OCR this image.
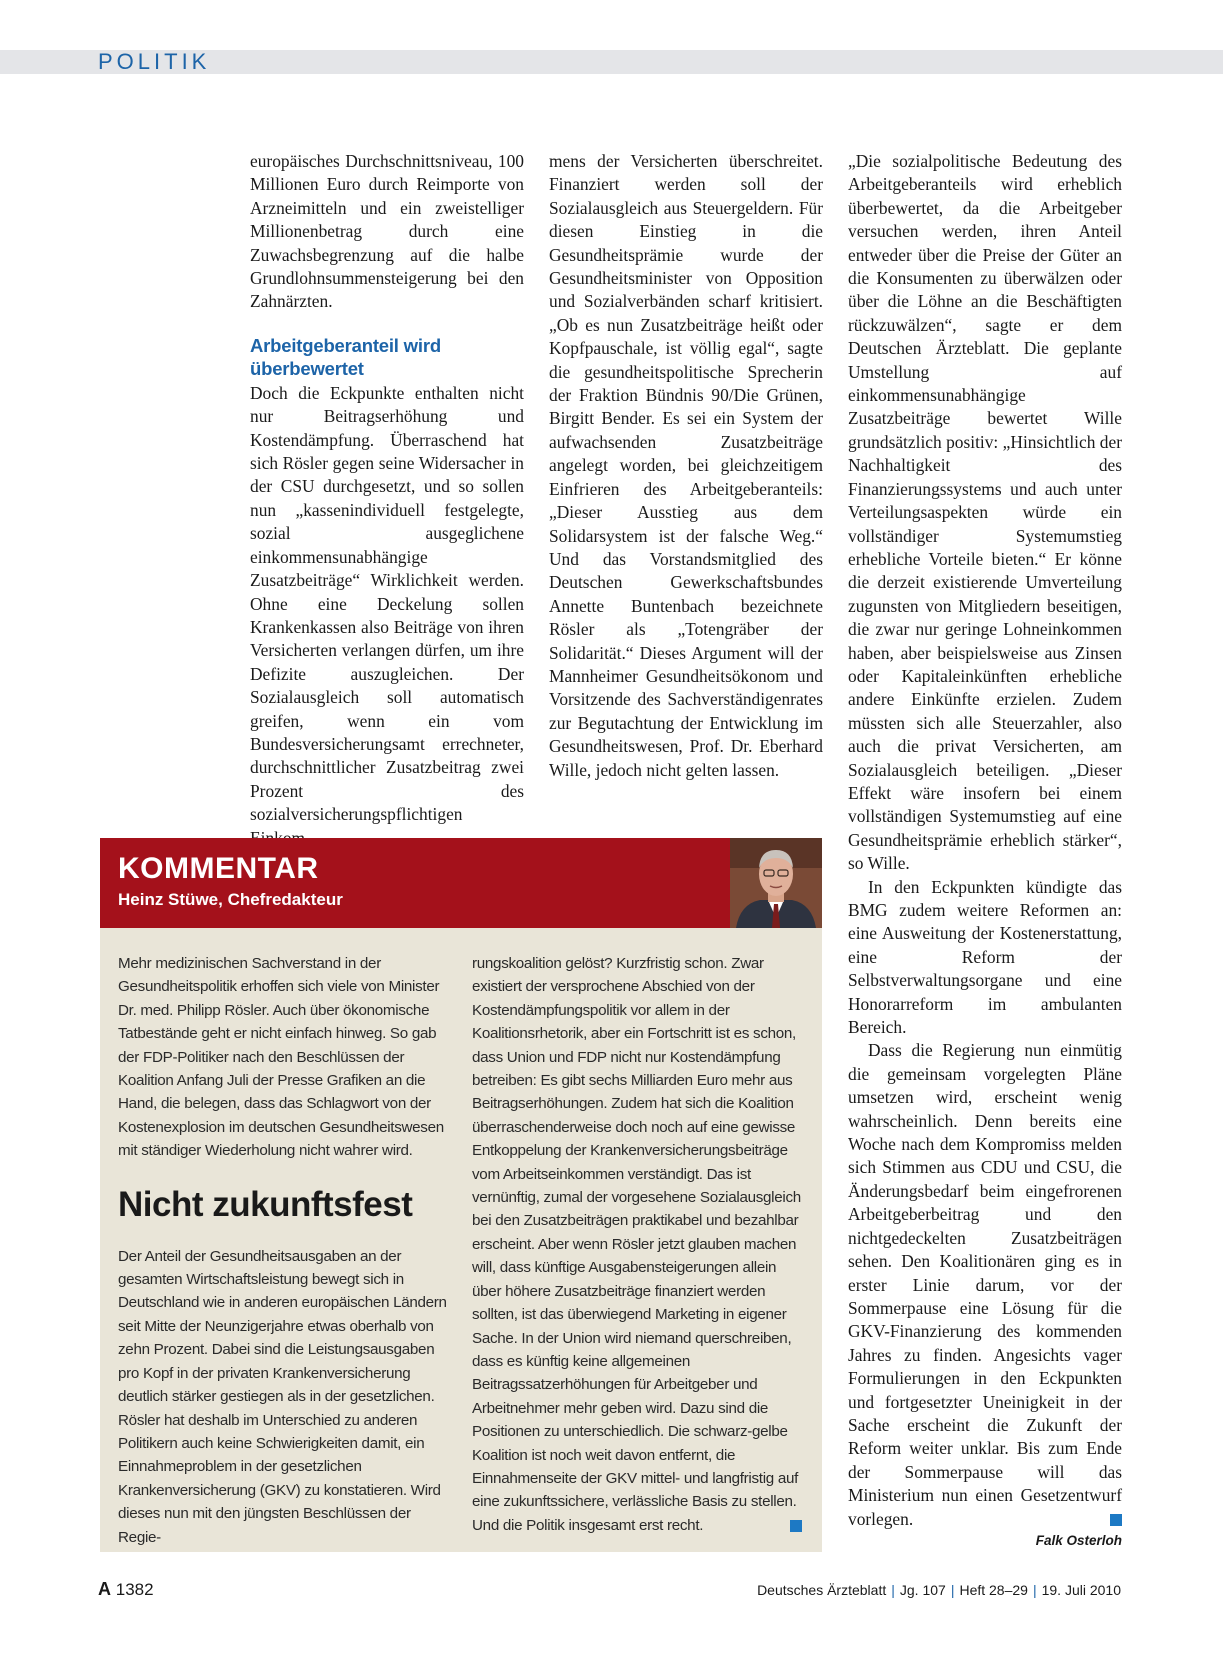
POLITIK

europäisches Durchschnittsniveau, 100 Millionen Euro durch Reimporte von Arzneimitteln und ein zweistelliger Millionenbetrag durch eine Zuwachsbegrenzung auf die halbe Grundlohnsummensteigerung bei den Zahnärzten.

Arbeitgeberanteil wird überbewertet

Doch die Eckpunkte enthalten nicht nur Beitragserhöhung und Kostendämpfung. Überraschend hat sich Rösler gegen seine Widersacher in der CSU durchgesetzt, und so sollen nun „kassenindividuell festgelegte, sozial ausgeglichene einkommensunabhängige Zusatzbeiträge“ Wirklichkeit werden. Ohne eine Deckelung sollen Krankenkassen also Beiträge von ihren Versicherten verlangen dürfen, um ihre Defizite auszugleichen. Der Sozialausgleich soll automatisch greifen, wenn ein vom Bundesversicherungsamt errechneter, durchschnittlicher Zusatzbeitrag zwei Prozent des sozialversicherungspflichtigen

mens der Versicherten überschreitet. Finanziert werden soll der Sozialausgleich aus Steuergeldern. Für diesen Einstieg in die Gesundheitsprämie wurde der Gesundheitsminister von Opposition und Sozialverbänden scharf kritisiert. „Ob es nun Zusatzbeiträge heißt oder Kopfpauschale, ist völlig egal“, sagte die gesundheitspolitische Sprecherin der Fraktion Bündnis 90/Die Grünen, Birgitt Bender. Es sei ein System der aufwachsenden Zusatzbeiträge angelegt worden, bei gleichzeitigem Einfrieren des Arbeitgeberanteils: „Dieser Ausstieg aus dem Solidarsystem ist der falsche Weg.“ Und das Vorstandsmitglied des Deutschen Gewerkschaftsbundes Annette Buntenbach bezeichnete Rösler als „Totengräber der Solidarität.“ Dieses Argument will der Mannheimer Gesundheitsökonom und Vorsitzende des Sachverständigenrates zur Begutachtung der Entwicklung im Gesundheitswesen, Prof. Dr. Eberhard Wille, jedoch nicht gelten lassen.

„Die sozialpolitische Bedeutung des Arbeitgeberanteils wird erheblich überbewertet, da die Arbeitgeber versuchen werden, ihren Anteil entweder über die Preise der Güter an die Konsumenten zu überwälzen oder über die Löhne an die Beschäftigten rückzuwälzen“, sagte er dem Deutschen Ärzteblatt. Die geplante Umstellung auf einkommensunabhängige Zusatzbeiträge bewertet Wille grundsätzlich positiv: „Hinsichtlich der Nachhaltigkeit des Finanzierungssystems und auch unter Verteilungsaspekten würde ein vollständiger Systemumstieg erhebliche Vorteile bieten.“ Er könne die derzeit existierende Umverteilung zugunsten von Mitgliedern beseitigen, die zwar nur geringe Lohneinkommen haben, aber beispielsweise aus Zinsen oder Kapitaleinkünften erhebliche andere Einkünfte erzielen. Zudem müssten sich alle Steuerzahler, also auch die privat Versicherten, am Sozialausgleich beteiligen. „Dieser Effekt wäre insofern bei einem vollständigen Systemumstieg auf eine Gesundheitsprämie erheblich stärker“, so Wille.

In den Eckpunkten kündigte das BMG zudem weitere Reformen an: eine Ausweitung der Kostenerstattung, eine Reform der Selbstverwaltungsorgane und eine Honorarreform im ambulanten Bereich.

Dass die Regierung nun einmütig die gemeinsam vorgelegten Pläne umsetzen wird, erscheint wenig wahrscheinlich. Denn bereits eine Woche nach dem Kompromiss melden sich Stimmen aus CDU und CSU, die Änderungsbedarf beim eingefrorenen Arbeitgeberbeitrag und den nichtgedeckelten Zusatzbeiträgen sehen. Den Koalitionären ging es in erster Linie darum, vor der Sommerpause eine Lösung für die GKV-Finanzierung des kommenden Jahres zu finden. Angesichts vager Formulierungen in den Eckpunkten und fortgesetzter Uneinigkeit in der Sache erscheint die Zukunft der Reform weiter unklar. Bis zum Ende der Sommerpause will das Ministerium nun einen Gesetzentwurf vorlegen.

Falk Osterloh
KOMMENTAR
Heinz Stüwe, Chefredakteur

Mehr medizinischen Sachverstand in der Gesundheitspolitik erhoffen sich viele von Minister Dr. med. Philipp Rösler. Auch über ökonomische Tatbestände geht er nicht einfach hinweg. So gab der FDP-Politiker nach den Beschlüssen der Koalition Anfang Juli der Presse Grafiken an die Hand, die belegen, dass das Schlagwort von der Kostenexplosion im deutschen Gesundheitswesen mit ständiger Wiederholung nicht wahrer wird.

Nicht zukunftsfest

Der Anteil der Gesundheitsausgaben an der gesamten Wirtschaftsleistung bewegt sich in Deutschland wie in anderen europäischen Ländern seit Mitte der Neunzigerjahre etwas oberhalb von zehn Prozent. Dabei sind die Leistungsausgaben pro Kopf in der privaten Krankenversicherung deutlich stärker gestiegen als in der gesetzlichen. Rösler hat deshalb im Unterschied zu anderen Politikern auch keine Schwierigkeiten damit, ein Einnahmeproblem in der gesetzlichen Krankenversicherung (GKV) zu konstatieren. Wird dieses nun mit den jüngsten Beschlüssen der Regie-

rungskoalition gelöst? Kurzfristig schon. Zwar existiert der versprochene Abschied von der Kostendämpfungspolitik vor allem in der Koalitionsrhetorik, aber ein Fortschritt ist es schon, dass Union und FDP nicht nur Kostendämpfung betreiben: Es gibt sechs Milliarden Euro mehr aus Beitragserhöhungen. Zudem hat sich die Koalition überraschenderweise doch noch auf eine gewisse Entkoppelung der Krankenversicherungsbeiträge vom Arbeitseinkommen verständigt. Das ist vernünftig, zumal der vorgesehene Sozialausgleich bei den Zusatzbeiträgen praktikabel und bezahlbar erscheint. Aber wenn Rösler jetzt glauben machen will, dass künftige Ausgabensteigerungen allein über höhere Zusatzbeiträge finanziert werden sollten, ist das überwiegend Marketing in eigener Sache. In der Union wird niemand querschreiben, dass es künftig keine allgemeinen Beitragssatzerhöhungen für Arbeitgeber und Arbeitnehmer mehr geben wird. Dazu sind die Positionen zu unterschiedlich. Die schwarz-gelbe Koalition ist noch weit davon entfernt, die Einnahmenseite der GKV mittel- und langfristig auf eine zukunftssichere, verlässliche Basis zu stellen. Und die Politik insgesamt erst recht.

A 1382	Deutsches Ärzteblatt | Jg. 107 | Heft 28–29 | 19. Juli 2010
